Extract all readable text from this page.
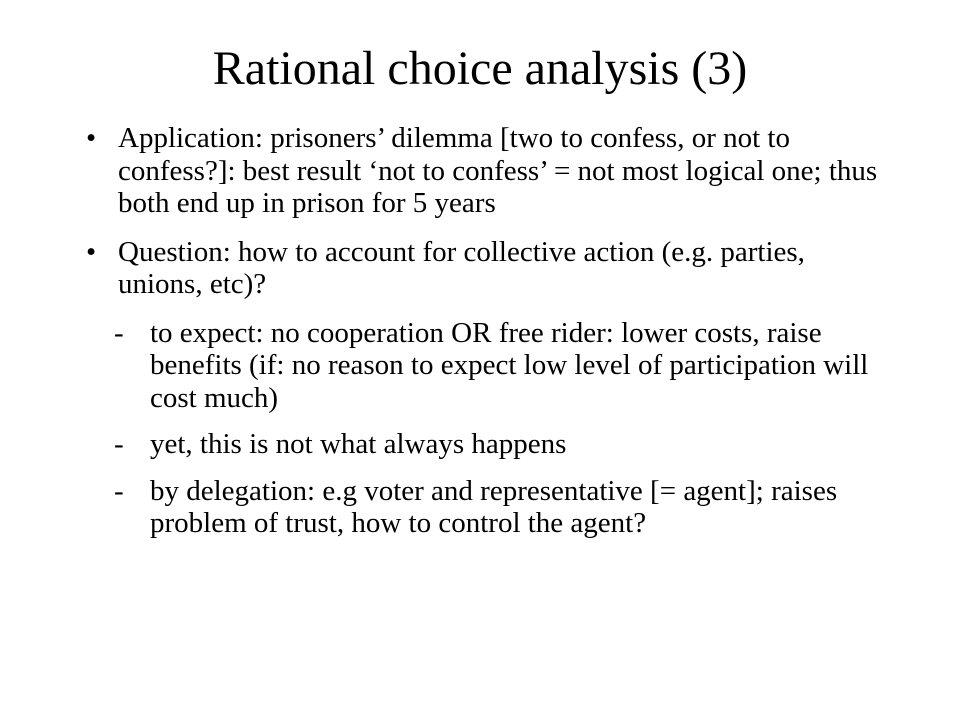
Rational choice analysis (3)
• Application: prisoners’ dilemma [two to confess, or not to confess?]: best result ‘not to confess’ = not most logical one; thus both end up in prison for 5 years
• Question: how to account for collective action (e.g. parties, unions, etc)?
- to expect: no cooperation OR free rider: lower costs, raise benefits (if: no reason to expect low level of participation will cost much)
- yet, this is not what always happens
- by delegation: e.g voter and representative [= agent]; raises problem of trust, how to control the agent?
